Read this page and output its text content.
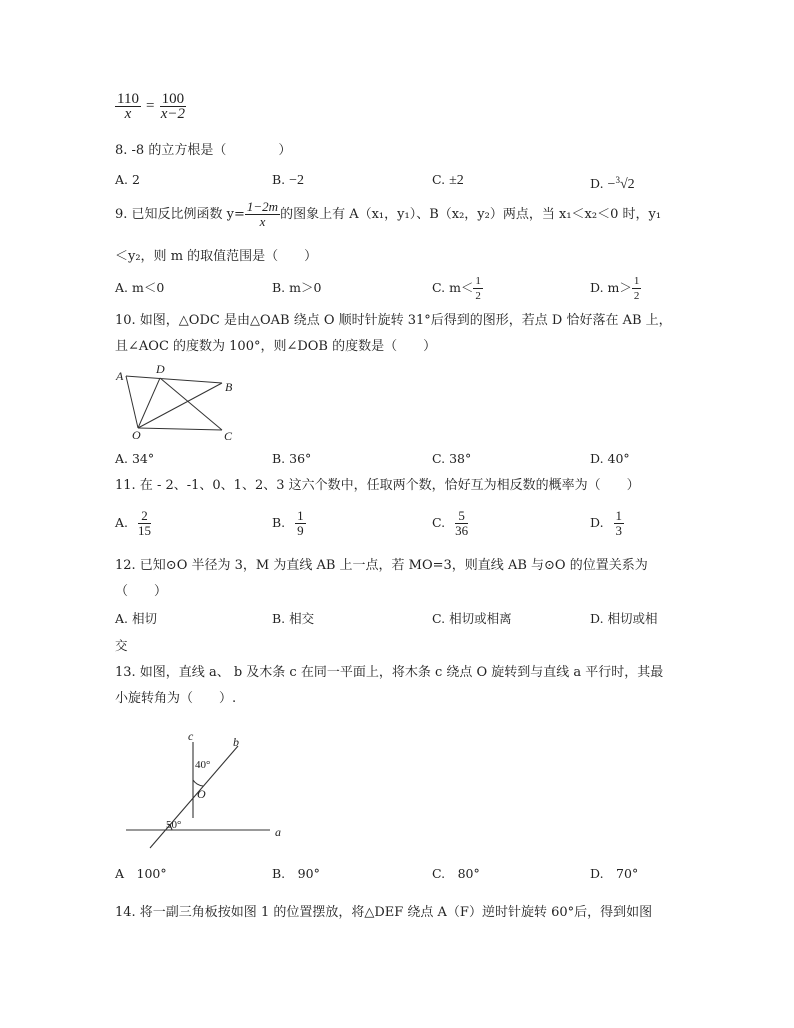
$\frac{110}{x} = \frac{100}{x-2}$
8. -8 的立方根是（　　　　）
A. 2	B. −2	C. ±2	D. −$^3$√2
9. 已知反比例函数 $y= \frac{1-2m}{x}$ 的图象上有 A（x₁，y₁）、B（x₂，y₂）两点，当 x₁＜x₂＜0 时，y₁
＜y₂，则 m 的取值范围是（　　）
A. m＜0	B. m＞0	C. $m< \frac{1}{2}$	D. $m> \frac{1}{2}$
10. 如图，△ODC 是由△OAB 绕点 O 顺时针旋转 31°后得到的图形，若点 D 恰好落在 AB 上，
且∠AOC 的度数为 100°，则∠DOB 的度数是（　　）
A	D
B
O	C
A. 34°	B. 36°	C. 38°	D. 40°
11. 在 - 2、-1、0、1、2、3 这六个数中，任取两个数，恰好互为相反数的概率为（　　）
A. $\frac{2}{15}$	B. $\frac{1}{9}$	C. $\frac{5}{36}$	D. $\frac{1}{3}$
12. 已知⊙O 半径为 3，M 为直线 AB 上一点，若 MO=3，则直线 AB 与⊙O 的位置关系为
（　　）
A. 相切	B. 相交	C. 相切或相离	D. 相切或相
交
13. 如图，直线 a、 b 及木条 c 在同一平面上，将木条 c 绕点 O 旋转到与直线 a 平行时，其最
小旋转角为（　　）.
c	b
a
O
40°
50°
A　100°	B.　90°	C.　80°	D.　70°
14. 将一副三角板按如图 1 的位置摆放，将△DEF 绕点 A（F）逆时针旋转 60°后，得到如图
